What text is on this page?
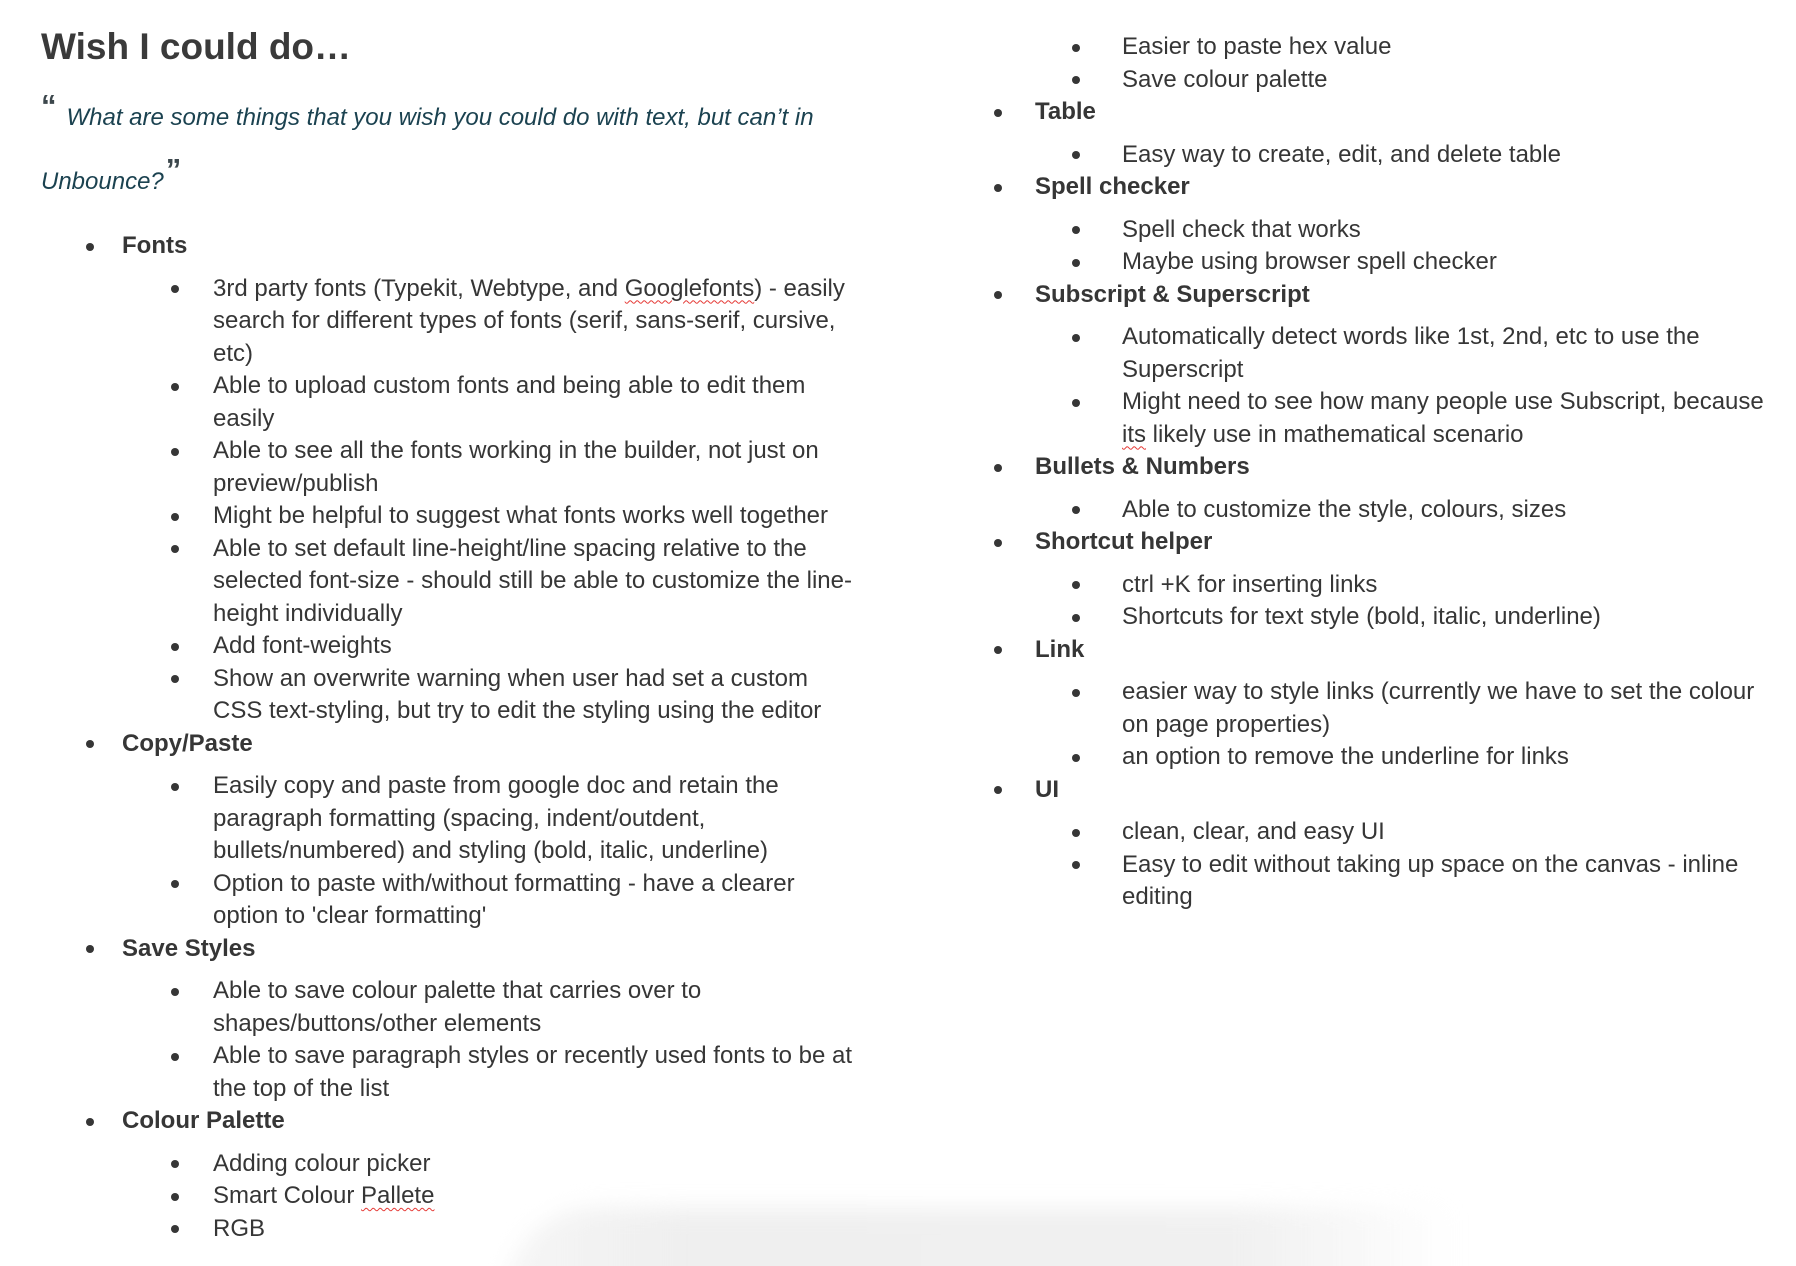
Wish I could do…

“ What are some things that you wish you could do with text, but can’t in Unbounce?”

Fonts
3rd party fonts (Typekit, Webtype, and Googlefonts) - easily search for different types of fonts (serif, sans-serif, cursive, etc)
Able to upload custom fonts and being able to edit them easily
Able to see all the fonts working in the builder, not just on preview/publish
Might be helpful to suggest what fonts works well together
Able to set default line-height/line spacing relative to the selected font-size - should still be able to customize the line-height individually
Add font-weights
Show an overwrite warning when user had set a custom CSS text-styling, but try to edit the styling using the editor
Copy/Paste
Easily copy and paste from google doc and retain the paragraph formatting (spacing, indent/outdent, bullets/numbered) and styling (bold, italic, underline)
Option to paste with/without formatting - have a clearer option to 'clear formatting'
Save Styles
Able to save colour palette that carries over to shapes/buttons/other elements
Able to save paragraph styles or recently used fonts to be at the top of the list
Colour Palette
Adding colour picker
Smart Colour Pallete
RGB
Easier to paste hex value
Save colour palette
Table
Easy way to create, edit, and delete table
Spell checker
Spell check that works
Maybe using browser spell checker
Subscript & Superscript
Automatically detect words like 1st, 2nd, etc to use the Superscript
Might need to see how many people use Subscript, because its likely use in mathematical scenario
Bullets & Numbers
Able to customize the style, colours, sizes
Shortcut helper
ctrl +K for inserting links
Shortcuts for text style (bold, italic, underline)
Link
easier way to style links (currently we have to set the colour on page properties)
an option to remove the underline for links
UI
clean, clear, and easy UI
Easy to edit without taking up space on the canvas - inline editing
